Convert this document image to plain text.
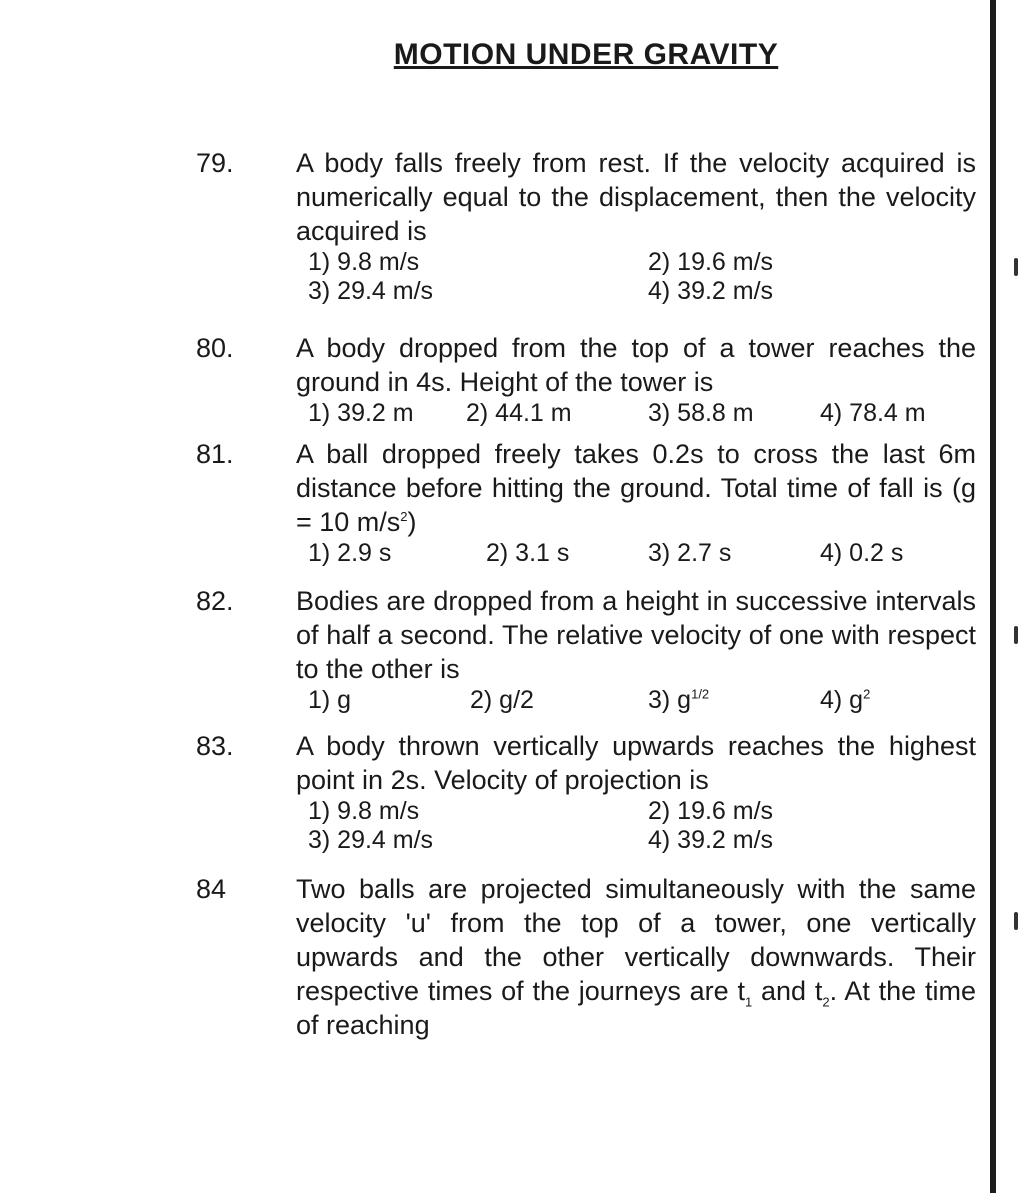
MOTION UNDER GRAVITY
79.	A body falls freely from rest. If the velocity acquired is numerically equal to the displacement, then the velocity acquired is
1) 9.8 m/s	2) 19.6 m/s
3) 29.4 m/s	4) 39.2 m/s
80.	A body dropped from the top of a tower reaches the ground in 4s. Height of the tower is
1) 39.2 m 2) 44.1 m	3) 58.8 m	4) 78.4 m
81.	A ball dropped freely takes 0.2s to cross the last 6m distance before hitting the ground. Total time of fall is (g = 10 $m/s^2$)
1) 2.9 s	2) 3.1 s	3) 2.7 s	4) 0.2 s
82.	Bodies are dropped from a height in successive intervals of half a second. The relative velocity of one with respect to the other is
1) g	2) g/2	3) $g^{1/2}$	4) $g^2$
83.	A body thrown vertically upwards reaches the highest point in 2s. Velocity of projection is
1) 9.8 m/s	2) 19.6 m/s
3) 29.4 m/s	4) 39.2 m/s
84	Two balls are projected simultaneously with the same velocity 'u' from the top of a tower, one vertically upwards and the other vertically downwards. Their respective times of the journeys are $t_1$ and $t_2$. At the time of reaching
